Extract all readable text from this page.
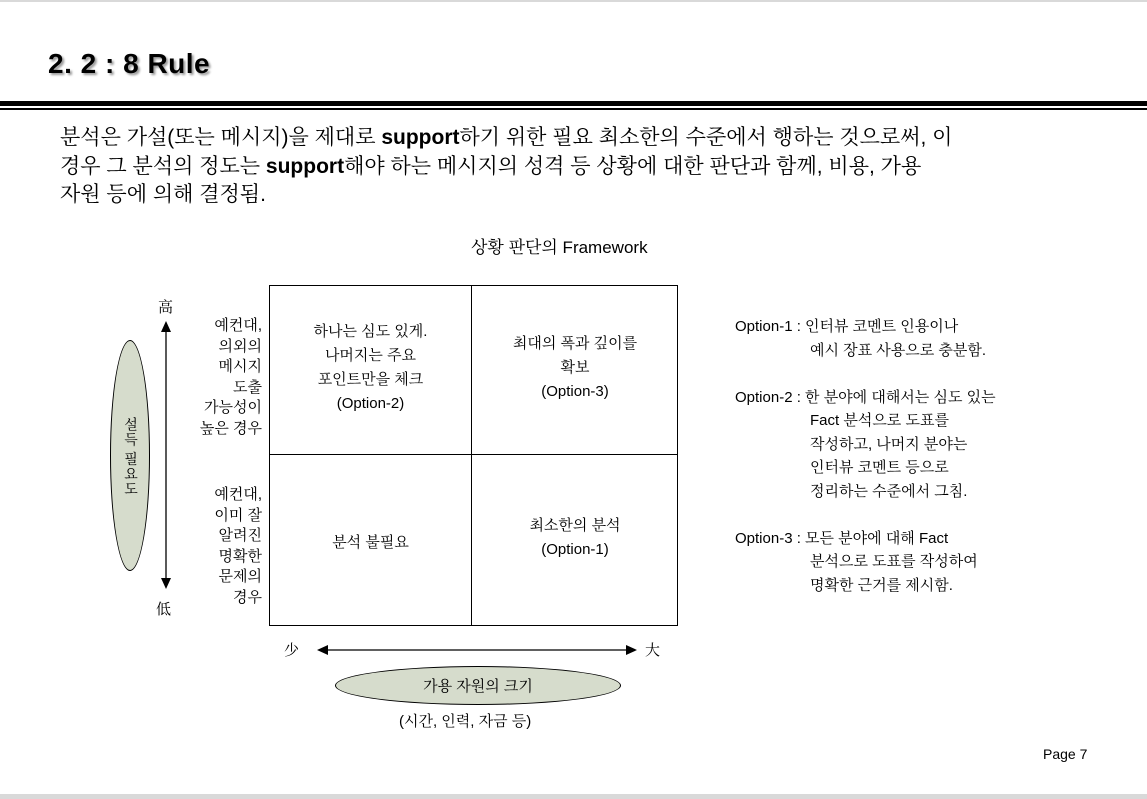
2. 2 : 8 Rule
분석은 가설(또는 메시지)을 제대로 support하기 위한 필요 최소한의 수준에서 행하는 것으로써, 이
경우 그 분석의 정도는 support해야 하는 메시지의 성격 등 상황에 대한 판단과 함께, 비용, 가용
자원 등에 의해 결정됨.
상황 판단의 Framework
高
低
少	大
설득 필요도
예컨대,
의외의
메시지
도출
가능성이
높은 경우
예컨대,
이미 잘
알려진
명확한
문제의
경우
하나는 심도 있게.
나머지는 주요
포인트만을 체크
(Option-2)
최대의 폭과 깊이를
확보
(Option-3)
분석 불필요
최소한의 분석
(Option-1)
가용 자원의 크기
(시간, 인력, 자금 등)
Option-1 : 인터뷰 코멘트 인용이나
예시 장표 사용으로 충분함.
Option-2 : 한 분야에 대해서는 심도 있는
Fact 분석으로 도표를
작성하고, 나머지 분야는
인터뷰 코멘트 등으로
정리하는 수준에서 그침.
Option-3 : 모든 분야에 대해 Fact
분석으로 도표를 작성하여
명확한 근거를 제시함.
Page 7
